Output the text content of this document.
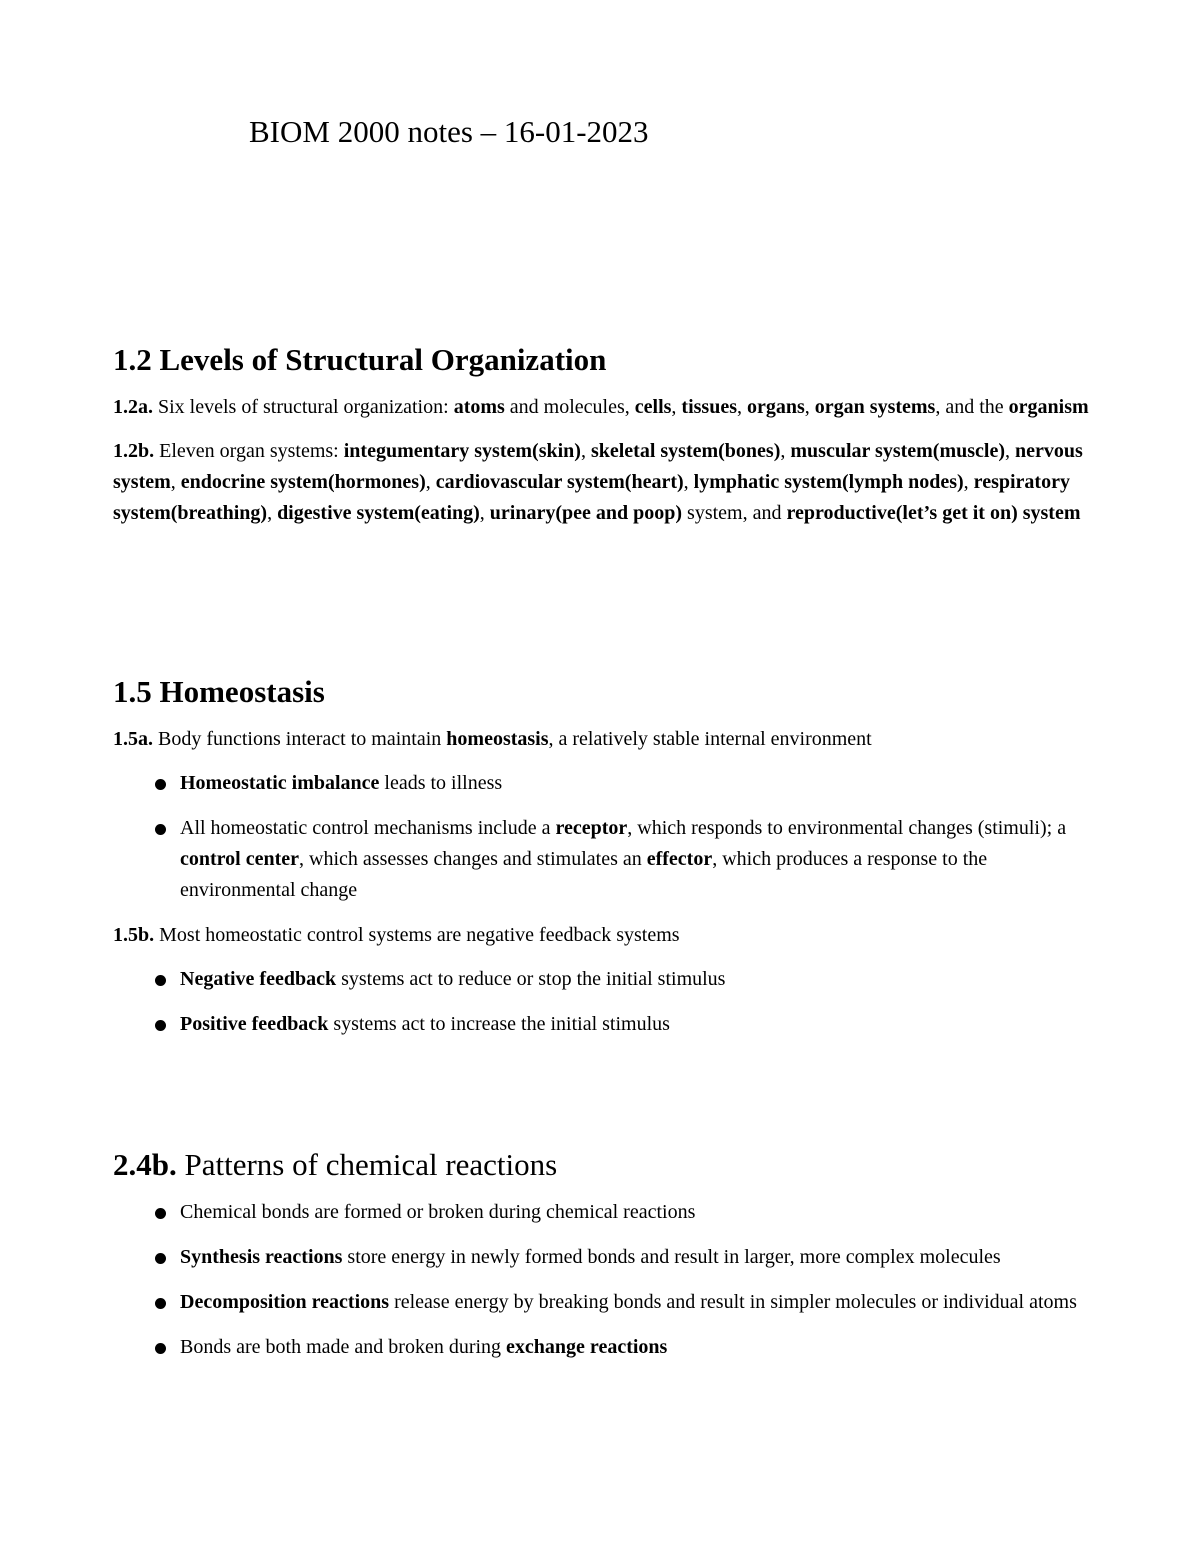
BIOM 2000 notes – 16-01-2023
1.2 Levels of Structural Organization

1.2a. Six levels of structural organization: atoms and molecules, cells, tissues, organs, organ systems, and the organism

1.2b. Eleven organ systems: integumentary system(skin), skeletal system(bones), muscular system(muscle), nervous system, endocrine system(hormones), cardiovascular system(heart), lymphatic system(lymph nodes), respiratory system(breathing), digestive system(eating), urinary(pee and poop) system, and reproductive(let’s get it on) system

1.5 Homeostasis

1.5a. Body functions interact to maintain homeostasis, a relatively stable internal environment

Homeostatic imbalance leads to illness
All homeostatic control mechanisms include a receptor, which responds to environmental changes (stimuli); a control center, which assesses changes and stimulates an effector, which produces a response to the environmental change

1.5b. Most homeostatic control systems are negative feedback systems

Negative feedback systems act to reduce or stop the initial stimulus
Positive feedback systems act to increase the initial stimulus
2.4b. Patterns of chemical reactions
Chemical bonds are formed or broken during chemical reactions
Synthesis reactions store energy in newly formed bonds and result in larger, more complex molecules
Decomposition reactions release energy by breaking bonds and result in simpler molecules or individual atoms
Bonds are both made and broken during exchange reactions
